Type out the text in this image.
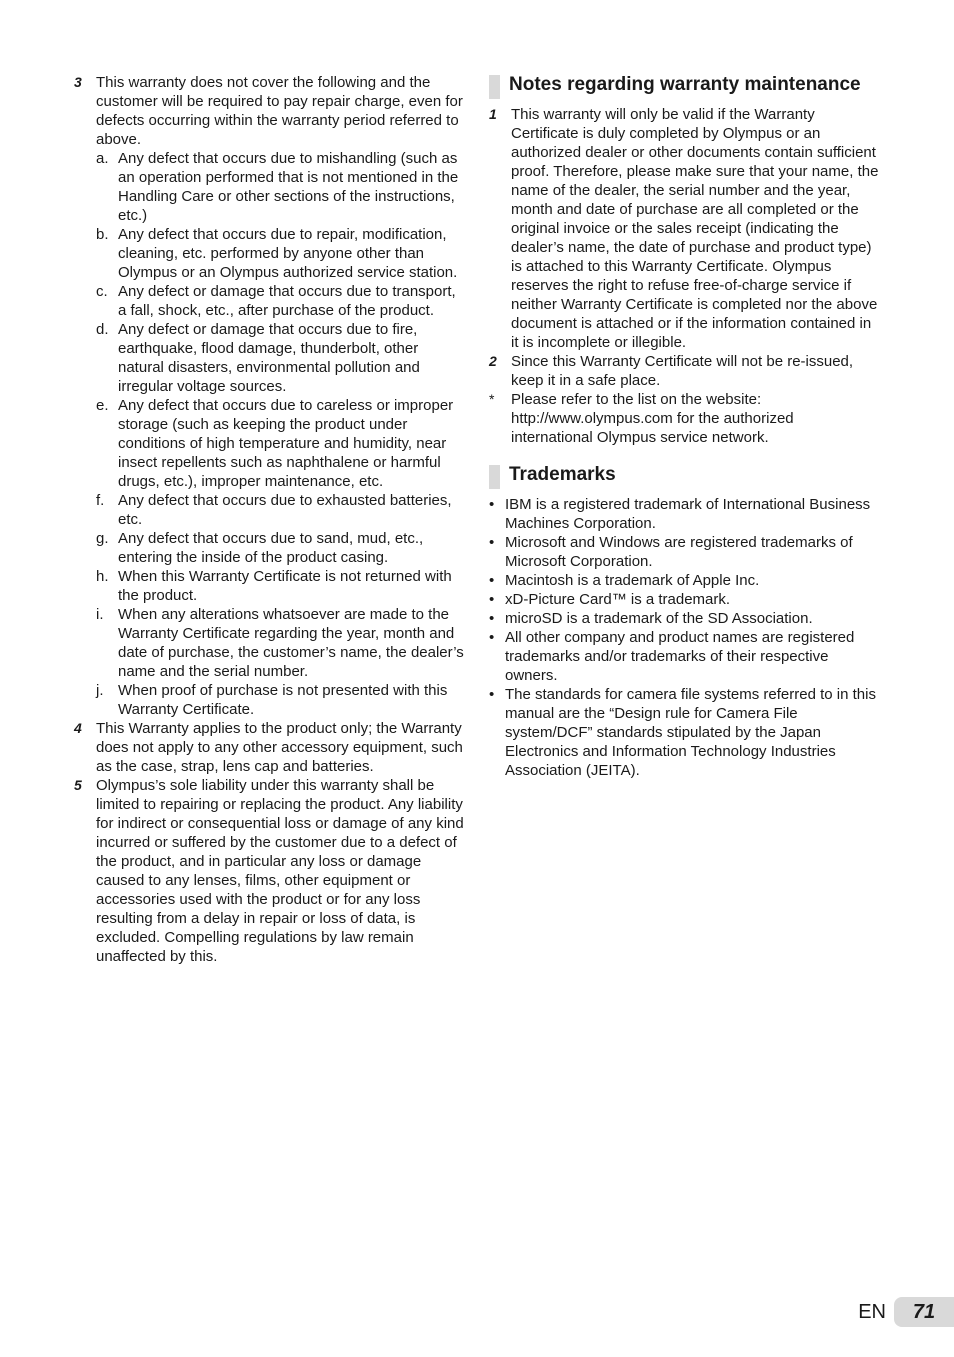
3 This warranty does not cover the following and the customer will be required to pay repair charge, even for defects occurring within the warranty period referred to above.
a. Any defect that occurs due to mishandling (such as an operation performed that is not mentioned in the Handling Care or other sections of the instructions, etc.)
b. Any defect that occurs due to repair, modification, cleaning, etc. performed by anyone other than Olympus or an Olympus authorized service station.
c. Any defect or damage that occurs due to transport, a fall, shock, etc., after purchase of the product.
d. Any defect or damage that occurs due to fire, earthquake, flood damage, thunderbolt, other natural disasters, environmental pollution and irregular voltage sources.
e. Any defect that occurs due to careless or improper storage (such as keeping the product under conditions of high temperature and humidity, near insect repellents such as naphthalene or harmful drugs, etc.), improper maintenance, etc.
f. Any defect that occurs due to exhausted batteries, etc.
g. Any defect that occurs due to sand, mud, etc., entering the inside of the product casing.
h. When this Warranty Certificate is not returned with the product.
i. When any alterations whatsoever are made to the Warranty Certificate regarding the year, month and date of purchase, the customer’s name, the dealer’s name and the serial number.
j. When proof of purchase is not presented with this Warranty Certificate.
4 This Warranty applies to the product only; the Warranty does not apply to any other accessory equipment, such as the case, strap, lens cap and batteries.
5 Olympus’s sole liability under this warranty shall be limited to repairing or replacing the product. Any liability for indirect or consequential loss or damage of any kind incurred or suffered by the customer due to a defect of the product, and in particular any loss or damage caused to any lenses, films, other equipment or accessories used with the product or for any loss resulting from a delay in repair or loss of data, is excluded. Compelling regulations by law remain unaffected by this.
Notes regarding warranty maintenance
1 This warranty will only be valid if the Warranty Certificate is duly completed by Olympus or an authorized dealer or other documents contain sufficient proof. Therefore, please make sure that your name, the name of the dealer, the serial number and the year, month and date of purchase are all completed or the original invoice or the sales receipt (indicating the dealer’s name, the date of purchase and product type) is attached to this Warranty Certificate. Olympus reserves the right to refuse free-of-charge service if neither Warranty Certificate is completed nor the above document is attached or if the information contained in it is incomplete or illegible.
2 Since this Warranty Certificate will not be re-issued, keep it in a safe place.
* Please refer to the list on the website: http://www.olympus.com for the authorized international Olympus service network.
Trademarks
• IBM is a registered trademark of International Business Machines Corporation.
• Microsoft and Windows are registered trademarks of Microsoft Corporation.
• Macintosh is a trademark of Apple Inc.
• xD-Picture Card™ is a trademark.
• microSD is a trademark of the SD Association.
• All other company and product names are registered trademarks and/or trademarks of their respective owners.
• The standards for camera file systems referred to in this manual are the “Design rule for Camera File system/DCF” standards stipulated by the Japan Electronics and Information Technology Industries Association (JEITA).
EN	71
